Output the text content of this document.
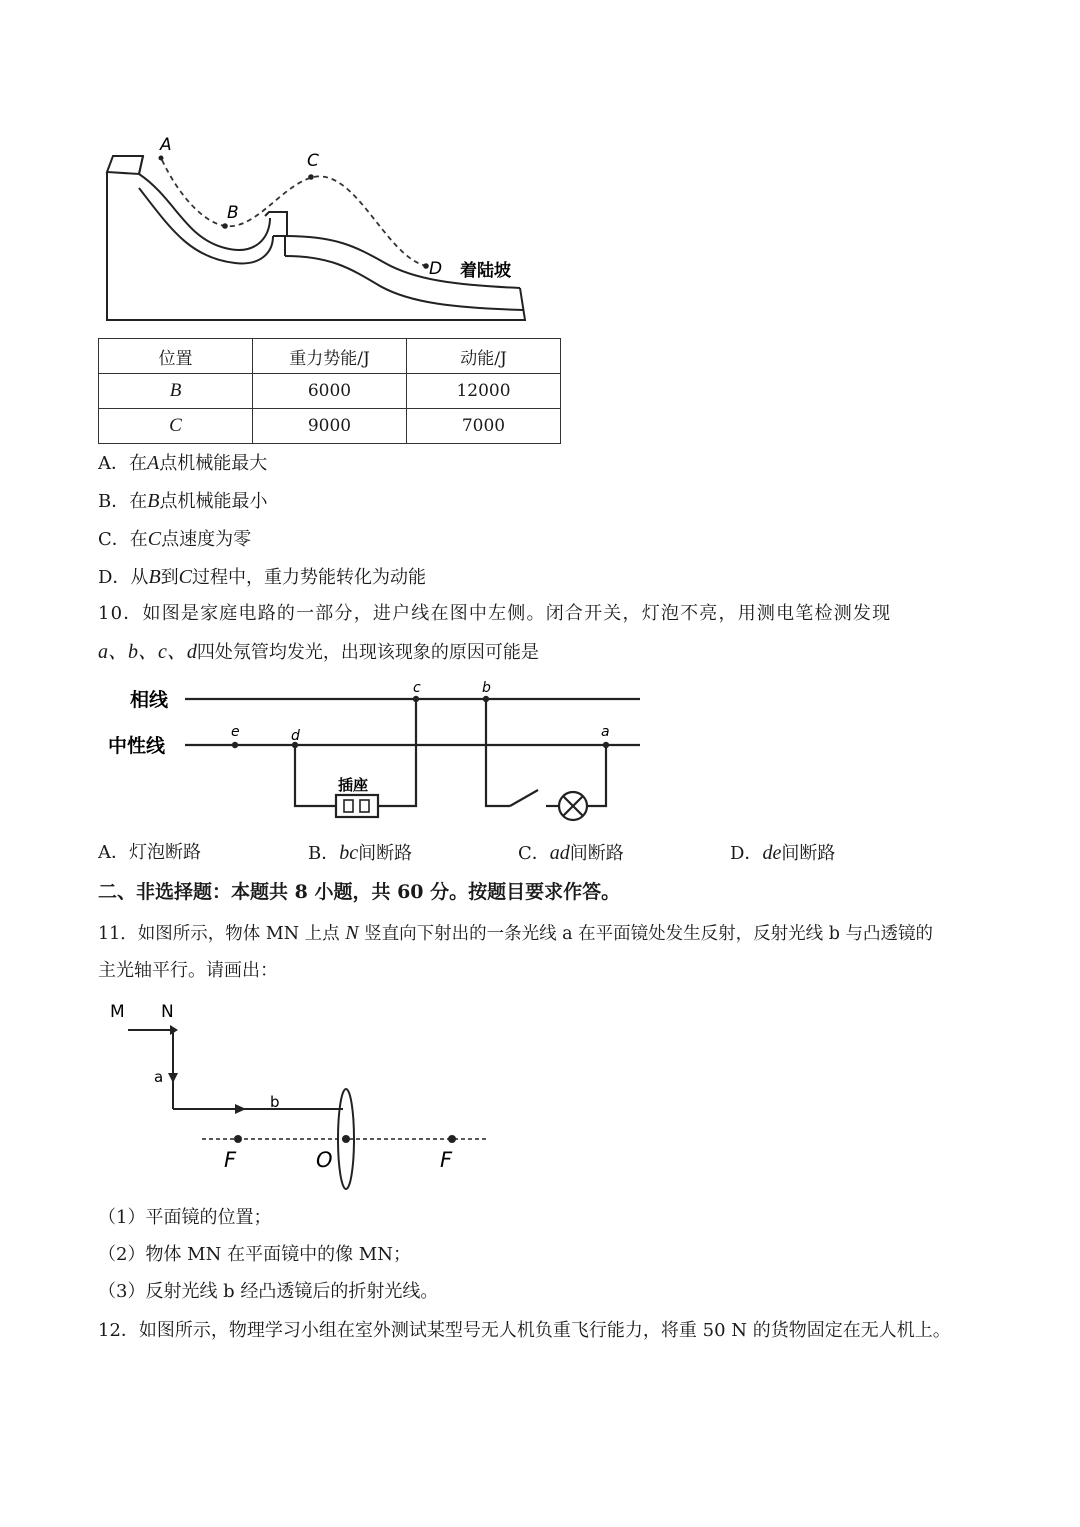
A
B
C
D 着陆坡
位置	重力势能/J	动能/J
B	6000	12000
C	9000	7000
A．在A点机械能最大
B．在B点机械能最小
C．在C点速度为零
D．从B到C过程中，重力势能转化为动能
10．如图是家庭电路的一部分，进户线在图中左侧。闭合开关，灯泡不亮，用测电笔检测发现
a、b、c、d四处氖管均发光，出现该现象的原因可能是
相线
中性线
插座
e	d
c	b
a
A．灯泡断路	B．bc间断路	C．ad间断路	D．de间断路
二、非选择题：本题共 8 小题，共 60 分。按题目要求作答。
11．如图所示，物体 MN 上点 N 竖直向下射出的一条光线 a 在平面镜处发生反射，反射光线 b 与凸透镜的
主光轴平行。请画出：
M N
a
b
F	O	F
（1）平面镜的位置；
（2）物体 MN 在平面镜中的像 MN；
（3）反射光线 b 经凸透镜后的折射光线。
12．如图所示，物理学习小组在室外测试某型号无人机负重飞行能力，将重 50 N 的货物固定在无人机上。
